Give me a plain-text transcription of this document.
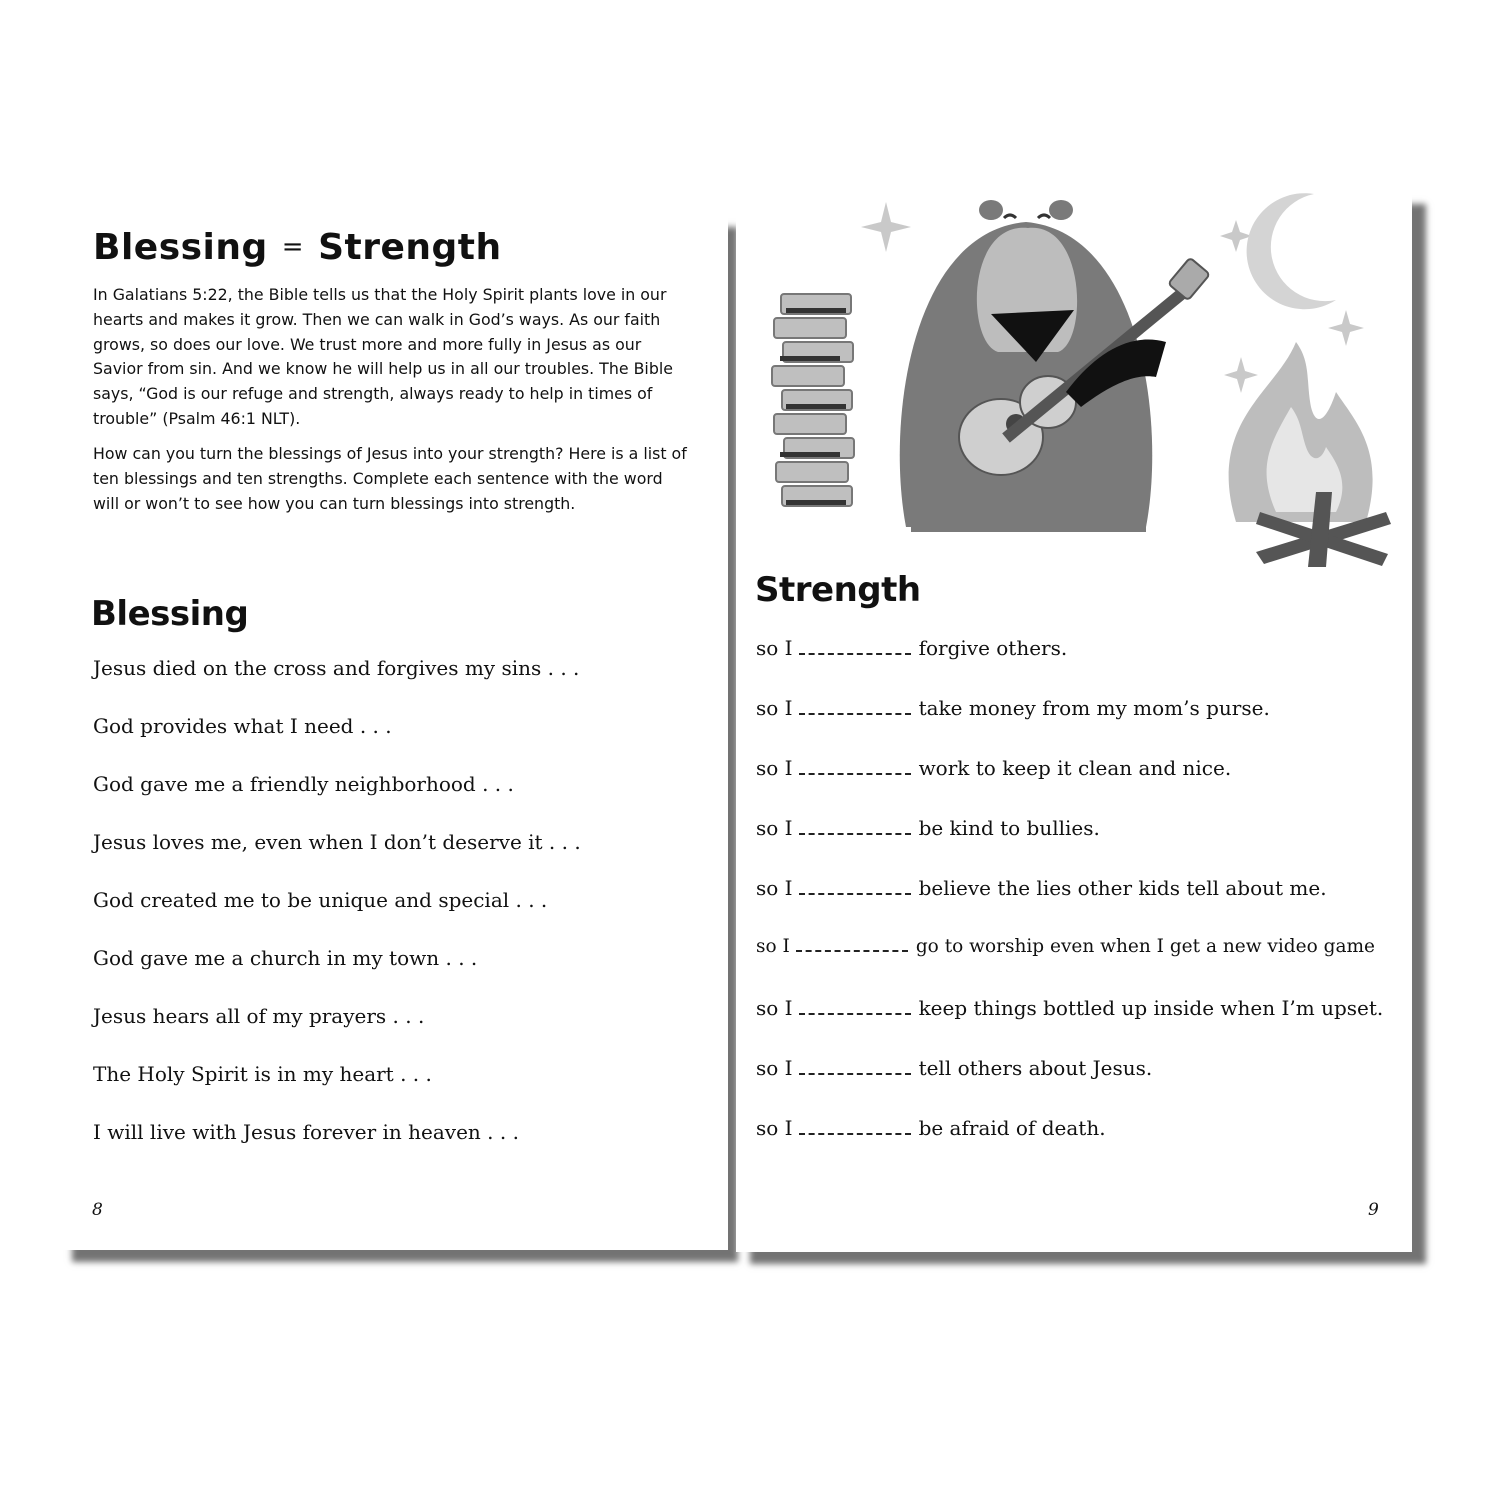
Blessing = Strength

In Galatians 5:22, the Bible tells us that the Holy Spirit plants love in our hearts and makes it grow. Then we can walk in God’s ways. As our faith grows, so does our love. We trust more and more fully in Jesus as our Savior from sin. And we know he will help us in all our troubles. The Bible says, “God is our refuge and strength, always ready to help in times of trouble” (Psalm 46:1 NLT).

How can you turn the blessings of Jesus into your strength? Here is a list of ten blessings and ten strengths. Complete each sentence with the word will or won’t to see how you can turn blessings into strength.

Blessing

Jesus died on the cross and forgives my sins . . .

God provides what I need . . .

God gave me a friendly neighborhood . . .

Jesus loves me, even when I don’t deserve it . . .

God created me to be unique and special . . .

God gave me a church in my town . . .

Jesus hears all of my prayers . . .

The Holy Spirit is in my heart . . .

I will live with Jesus forever in heaven . . .

8
Strength
so I	forgive others.
so I	take money from my mom’s purse.
so I	work to keep it clean and nice.
so I	be kind to bullies.
so I	believe the lies other kids tell about me.
so I	go to worship even when I get a new video game
so I	keep things bottled up inside when I’m upset.
so I	tell others about Jesus.
so I	be afraid of death.
9
